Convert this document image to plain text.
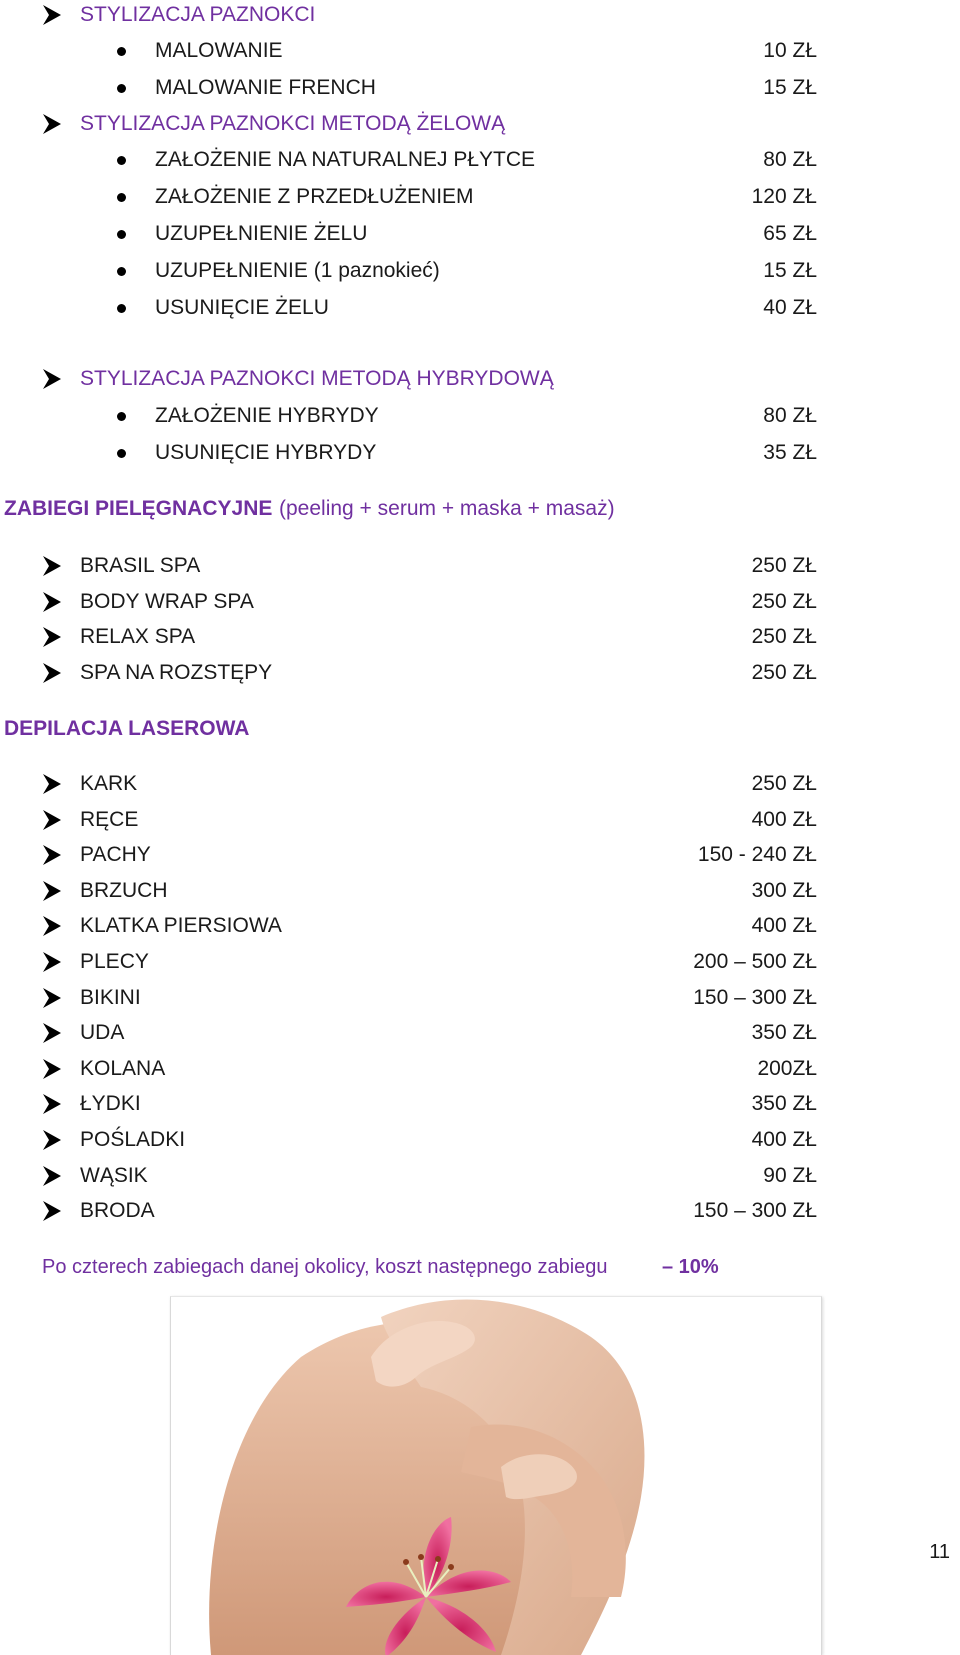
STYLIZACJA PAZNOKCI
MALOWANIE	10 ZŁ
MALOWANIE FRENCH	15 ZŁ
STYLIZACJA PAZNOKCI METODĄ ŻELOWĄ
ZAŁOŻENIE NA NATURALNEJ PŁYTCE	80 ZŁ
ZAŁOŻENIE Z PRZEDŁUŻENIEM	120 ZŁ
UZUPEŁNIENIE ŻELU	65 ZŁ
UZUPEŁNIENIE (1 paznokieć)	15 ZŁ
USUNIĘCIE ŻELU	40 ZŁ
STYLIZACJA PAZNOKCI METODĄ HYBRYDOWĄ
ZAŁOŻENIE HYBRYDY	80 ZŁ
USUNIĘCIE HYBRYDY	35 ZŁ
ZABIEGI PIELĘGNACYJNE (peeling + serum + maska + masaż)
BRASIL SPA	250 ZŁ
BODY WRAP SPA	250 ZŁ
RELAX SPA	250 ZŁ
SPA NA ROZSTĘPY	250 ZŁ
DEPILACJA LASEROWA
KARK	250 ZŁ
RĘCE	400 ZŁ
PACHY	150 - 240 ZŁ
BRZUCH	300 ZŁ
KLATKA PIERSIOWA	400 ZŁ
PLECY	200 – 500 ZŁ
BIKINI	150 – 300 ZŁ
UDA	350 ZŁ
KOLANA	200ZŁ
ŁYDKI	350 ZŁ
POŚLADKI	400 ZŁ
WĄSIK	90 ZŁ
BRODA	150 – 300 ZŁ
Po czterech zabiegach danej okolicy, koszt następnego zabiegu	– 10%
11
